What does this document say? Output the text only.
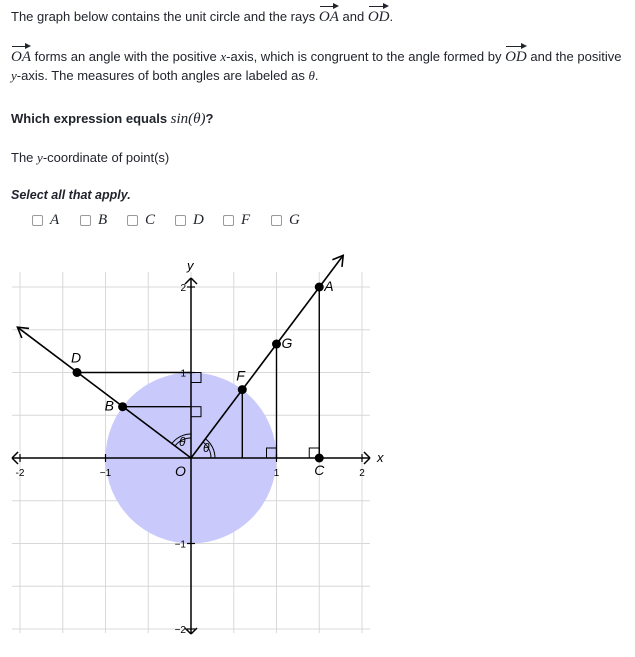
The graph below contains the unit circle and the rays OA and OD.
OA forms an angle with the positive x-axis, which is congruent to the angle formed by OD and the positive y-axis. The measures of both angles are labeled as θ.
Which expression equals sin(θ)?
The y-coordinate of point(s)
Select all that apply.
A	B	C	D F	G
-2	−1	1	2
2
1
−1
−2
θ
θ
A
G
F
C
B
D
O
x
y
